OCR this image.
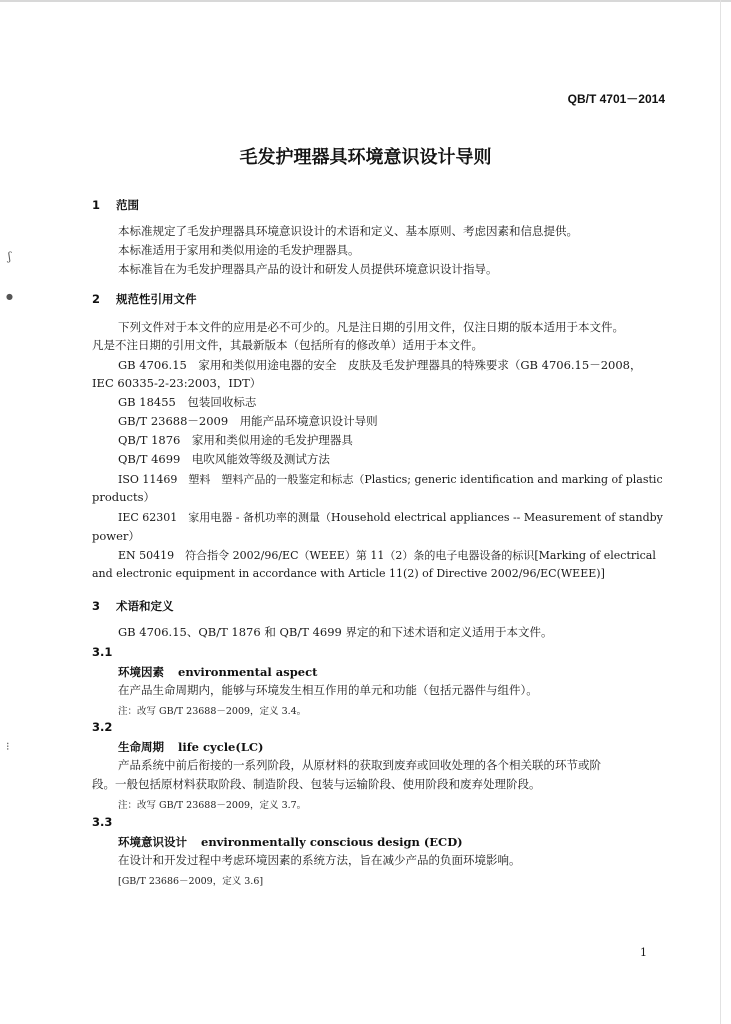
ʃ
●
⁝
QB/T 4701－2014
毛发护理器具环境意识设计导则
1 范围
本标准规定了毛发护理器具环境意识设计的术语和定义、基本原则、考虑因素和信息提供。
本标准适用于家用和类似用途的毛发护理器具。
本标准旨在为毛发护理器具产品的设计和研发人员提供环境意识设计指导。
2 规范性引用文件
下列文件对于本文件的应用是必不可少的。凡是注日期的引用文件，仅注日期的版本适用于本文件。
凡是不注日期的引用文件，其最新版本（包括所有的修改单）适用于本文件。
GB 4706.15　家用和类似用途电器的安全　皮肤及毛发护理器具的特殊要求（GB 4706.15－2008，
IEC 60335-2-23:2003，IDT）
GB 18455　包装回收标志
GB/T 23688－2009　用能产品环境意识设计导则
QB/T 1876　家用和类似用途的毛发护理器具
QB/T 4699　电吹风能效等级及测试方法
ISO 11469　塑料　塑料产品的一般鉴定和标志（Plastics; generic identification and marking of plastic
products）
IEC 62301　家用电器 - 备机功率的测量（Household electrical appliances -- Measurement of standby
power）
EN 50419　符合指令 2002/96/EC（WEEE）第 11（2）条的电子电器设备的标识[Marking of electrical
and electronic equipment in accordance with Article 11(2) of Directive 2002/96/EC(WEEE)]
3 术语和定义
GB 4706.15、QB/T 1876 和 QB/T 4699 界定的和下述术语和定义适用于本文件。
3.1
环境因素 environmental aspect
在产品生命周期内，能够与环境发生相互作用的单元和功能（包括元器件与组件）。
注：改写 GB/T 23688－2009，定义 3.4。
3.2
生命周期 life cycle(LC)
产品系统中前后衔接的一系列阶段，从原材料的获取到废弃或回收处理的各个相关联的环节或阶
段。一般包括原材料获取阶段、制造阶段、包装与运输阶段、使用阶段和废弃处理阶段。
注：改写 GB/T 23688－2009，定义 3.7。
3.3
环境意识设计 environmentally conscious design (ECD)
在设计和开发过程中考虑环境因素的系统方法，旨在减少产品的负面环境影响。
[GB/T 23686－2009，定义 3.6]
1
